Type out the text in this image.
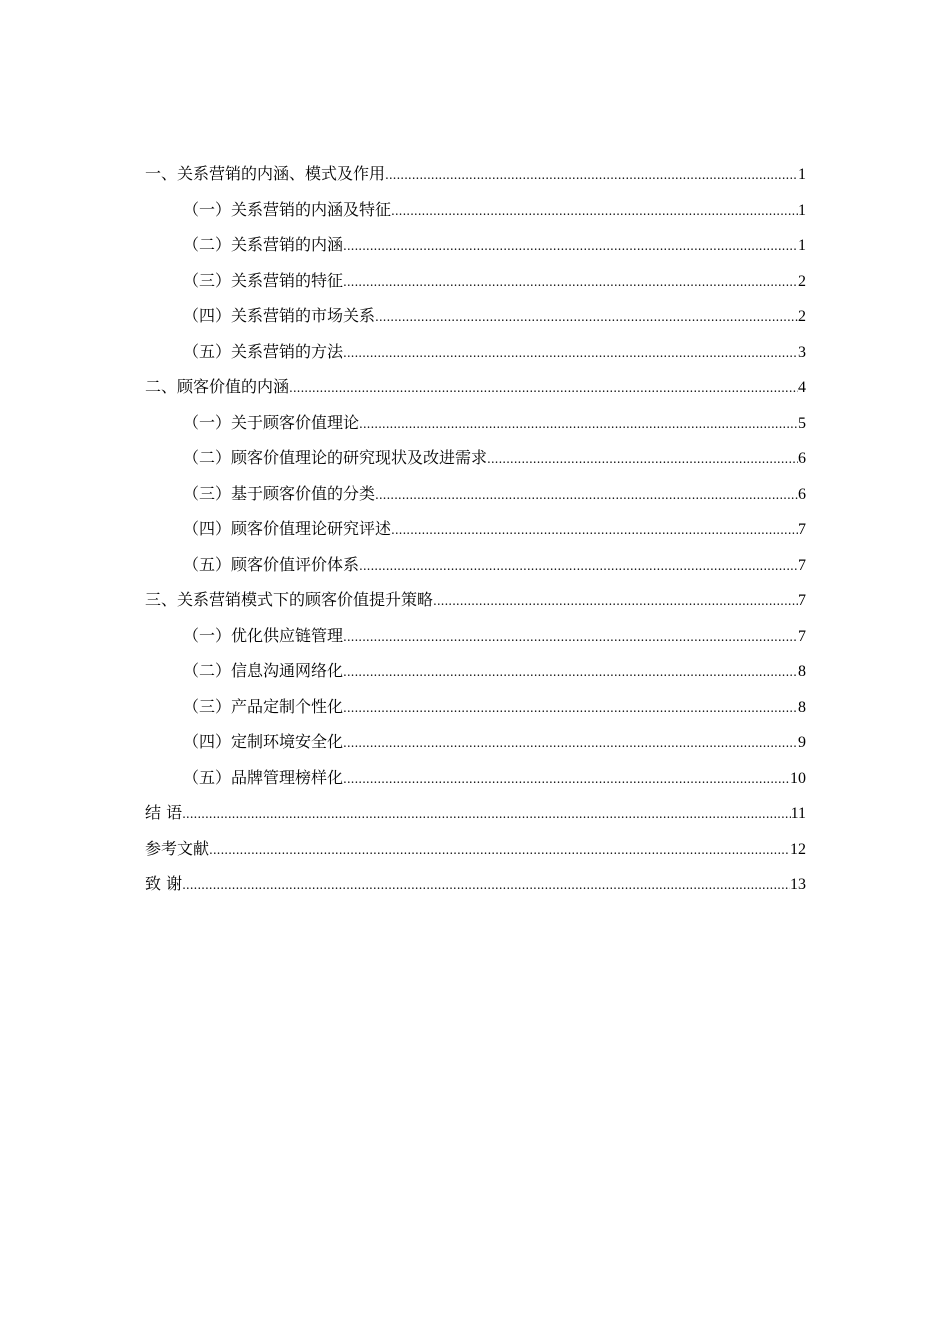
一、关系营销的内涵、模式及作用 .....	1
（一）关系营销的内涵及特征 .....	1
（二）关系营销的内涵 .....	1
（三）关系营销的特征 .....	2
（四）关系营销的市场关系 .....	2
（五）关系营销的方法 .....	3
二、顾客价值的内涵 .....	4
（一）关于顾客价值理论 .....	5
（二）顾客价值理论的研究现状及改进需求 .....	6
（三）基于顾客价值的分类 .....	6
（四）顾客价值理论研究评述 .....	7
（五）顾客价值评价体系 .....	7
三、关系营销模式下的顾客价值提升策略 .....	7
（一）优化供应链管理 .....	7
（二）信息沟通网络化 .....	8
（三）产品定制个性化 .....	8
（四）定制环境安全化 .....	9
（五）品牌管理榜样化 .....	10
结 语 .....	11
参考文献 .....	12
致 谢 .....	13
